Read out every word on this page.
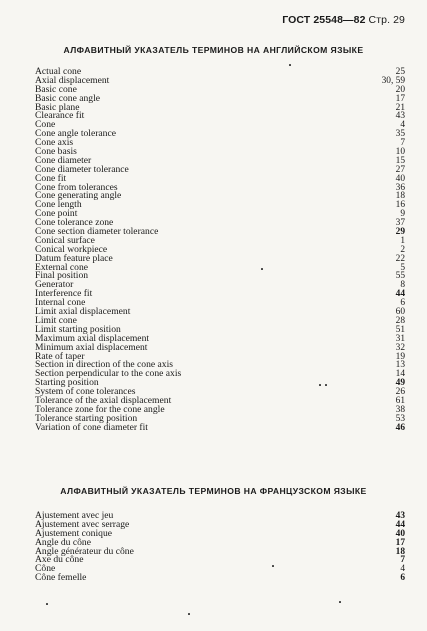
ГОСТ 25548—82 Стр. 29
АЛФАВИТНЫЙ УКАЗАТЕЛЬ ТЕРМИНОВ НА АНГЛИЙСКОМ ЯЗЫКЕ
Actual cone	25
Axial displacement	30, 59
Basic cone	20
Basic cone angle	17
Basic plane	21
Clearance fit	43
Cone	4
Cone angle tolerance	35
Cone axis	7
Cone basis	10
Cone diameter	15
Cone diameter tolerance	27
Cone fit	40
Cone from tolerances	36
Cone generating angle	18
Cone length	16
Cone point	9
Cone tolerance zone	37
Cone section diameter tolerance	29
Conical surface	1
Conical workpiece	2
Datum feature place	22
External cone	5
Final position	55
Generator	8
Interference fit	44
Internal cone	6
Limit axial displacement	60
Limit cone	28
Limit starting position	51
Maximum axial displacement	31
Minimum axial displacement	32
Rate of taper	19
Section in direction of the cone axis	13
Section perpendicular to the cone axis	14
Starting position	49
System of cone tolerances	26
Tolerance of the axial displacement	61
Tolerance zone for the cone angle	38
Tolerance starting position	53
Variation of cone diameter fit	46
АЛФАВИТНЫЙ УКАЗАТЕЛЬ ТЕРМИНОВ НА ФРАНЦУЗСКОМ ЯЗЫКЕ
Ajustement avec jeu	43
Ajustement avec serrage	44
Ajustement conique	40
Angle du cône	17
Angle générateur du cône	18
Axe du cône	7
Cône	4
Cône femelle	6
